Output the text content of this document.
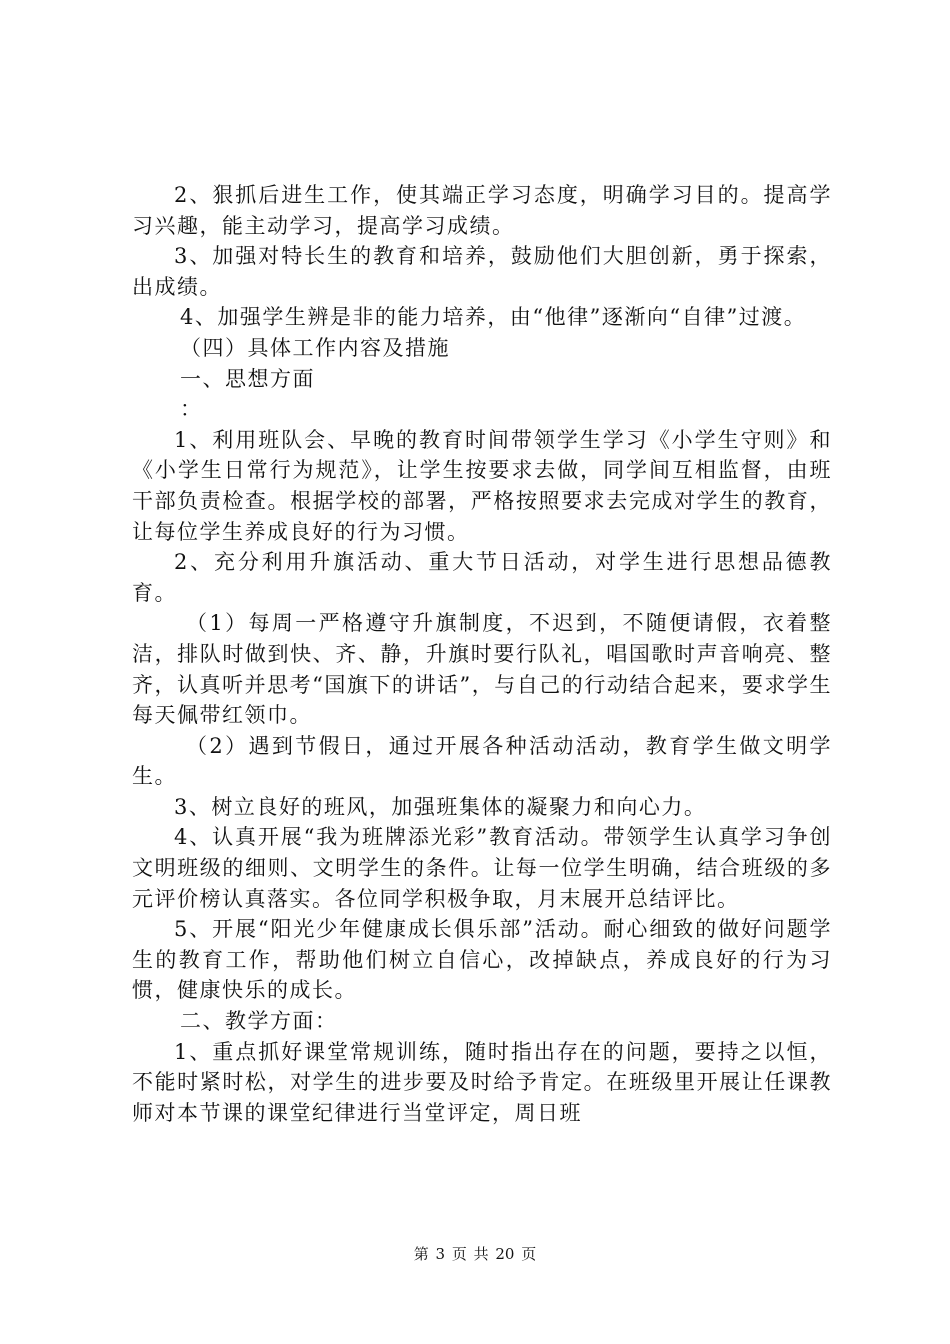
2、狠抓后进生工作，使其端正学习态度，明确学习目的。提高学习兴趣，能主动学习，提高学习成绩。

3、加强对特长生的教育和培养，鼓励他们大胆创新，勇于探索，出成绩。

4、加强学生辨是非的能力培养，由“他律”逐渐向“自律”过渡。

（四）具体工作内容及措施

一、思想方面

：

1、利用班队会、早晚的教育时间带领学生学习《小学生守则》和《小学生日常行为规范》，让学生按要求去做，同学间互相监督，由班干部负责检查。根据学校的部署，严格按照要求去完成对学生的教育，让每位学生养成良好的行为习惯。

2、充分利用升旗活动、重大节日活动，对学生进行思想品德教育。

（1）每周一严格遵守升旗制度，不迟到，不随便请假，衣着整洁，排队时做到快、齐、静，升旗时要行队礼，唱国歌时声音响亮、整齐，认真听并思考“国旗下的讲话”，与自己的行动结合起来，要求学生每天佩带红领巾。

（2）遇到节假日，通过开展各种活动活动，教育学生做文明学生。

3、树立良好的班风，加强班集体的凝聚力和向心力。

4、认真开展“我为班牌添光彩”教育活动。带领学生认真学习争创文明班级的细则、文明学生的条件。让每一位学生明确，结合班级的多元评价榜认真落实。各位同学积极争取，月末展开总结评比。

5、开展“阳光少年健康成长俱乐部”活动。耐心细致的做好问题学生的教育工作，帮助他们树立自信心，改掉缺点，养成良好的行为习惯，健康快乐的成长。

二、教学方面：

1、重点抓好课堂常规训练，随时指出存在的问题，要持之以恒，不能时紧时松，对学生的进步要及时给予肯定。在班级里开展让任课教师对本节课的课堂纪律进行当堂评定，周日班

第 3 页 共 20 页
